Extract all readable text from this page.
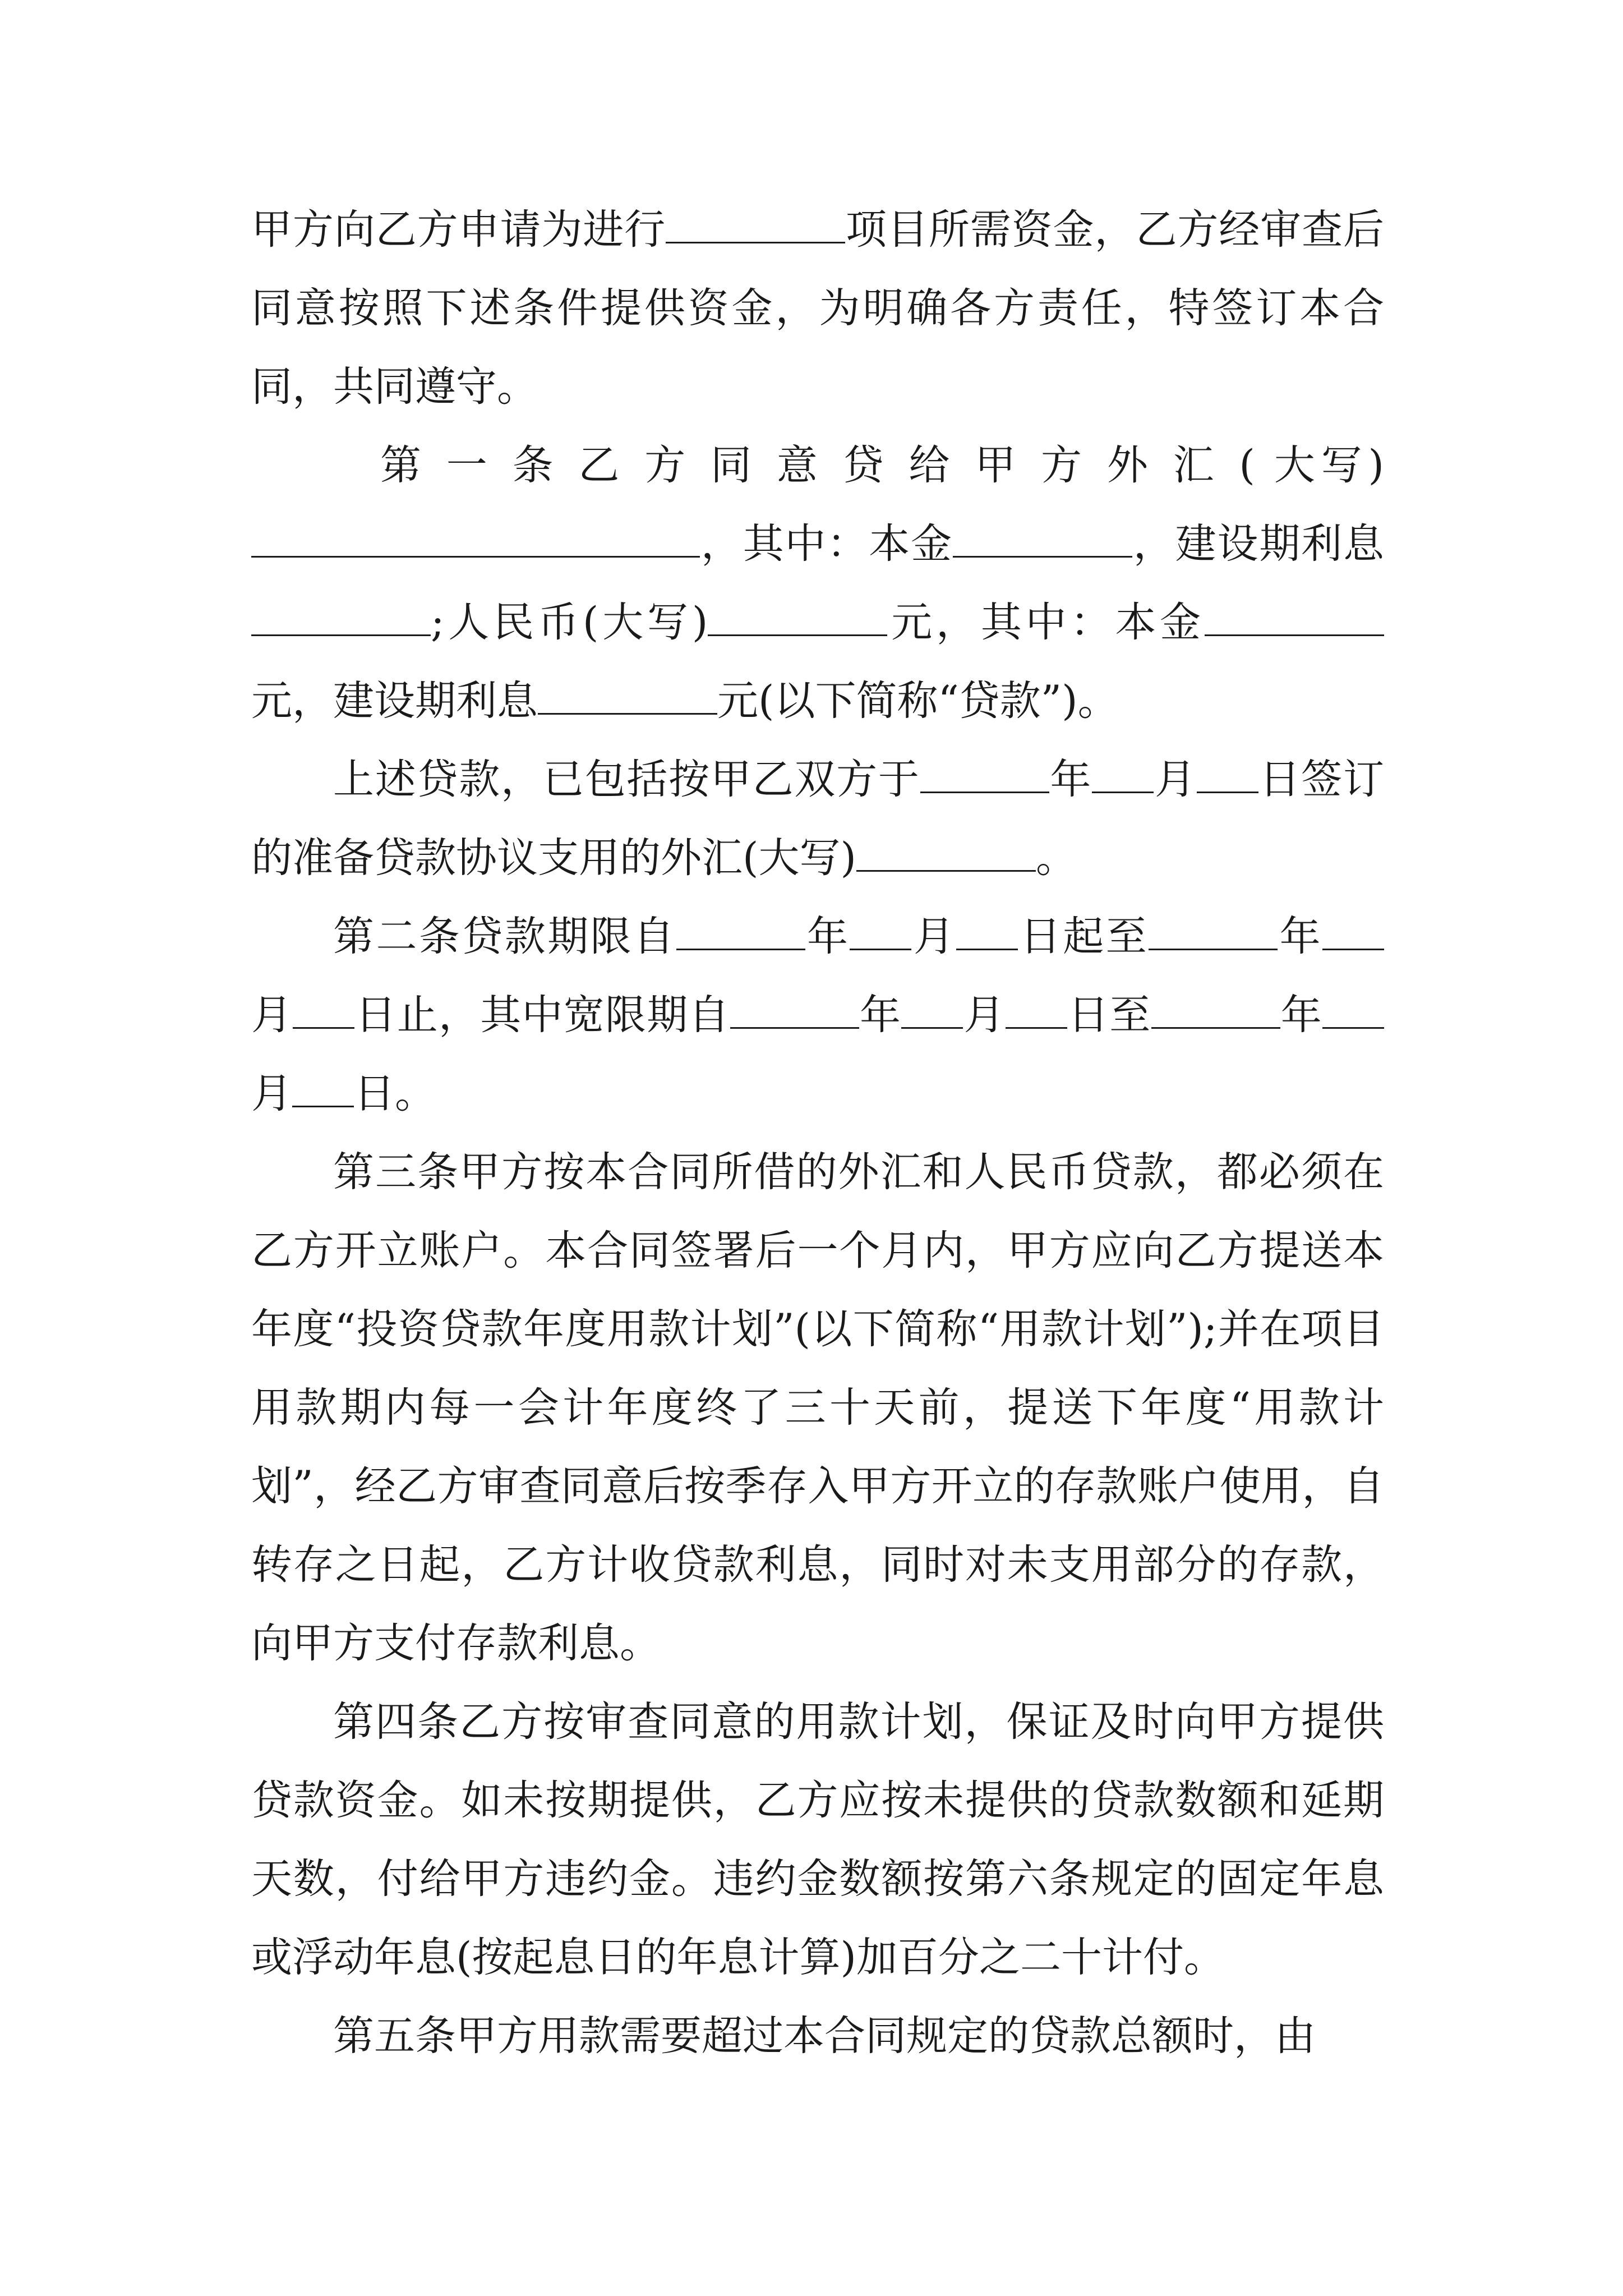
甲方向乙方申请为进行	项目所需资金，乙方经审查后同意按照下述条件提供资金，为明确各方责任，特签订本合同，共同遵守。

第 一 条 乙 方 同 意 贷 给 甲 方 外 汇 ( 大写)，其中：本金	，建设期利息;人民币(大写)	元，其中：本金元，建设期利息	元(以下简称“贷款”)。

上述贷款，已包括按甲乙双方于	年 月 日签订的准备贷款协议支用的外汇(大写)	。

第二条贷款期限自	年 月 日起至	年月 日止，其中宽限期自	年 月 日至	年月 日。

第三条甲方按本合同所借的外汇和人民币贷款，都必须在乙方开立账户。本合同签署后一个月内，甲方应向乙方提送本年度“投资贷款年度用款计划”(以下简称“用款计划”);并在项目用款期内每一会计年度终了三十天前，提送下年度“用款计划”，经乙方审查同意后按季存入甲方开立的存款账户使用，自转存之日起，乙方计收贷款利息，同时对未支用部分的存款，向甲方支付存款利息。

第四条乙方按审查同意的用款计划，保证及时向甲方提供贷款资金。如未按期提供，乙方应按未提供的贷款数额和延期天数，付给甲方违约金。违约金数额按第六条规定的固定年息或浮动年息(按起息日的年息计算)加百分之二十计付。

第五条甲方用款需要超过本合同规定的贷款总额时，由
